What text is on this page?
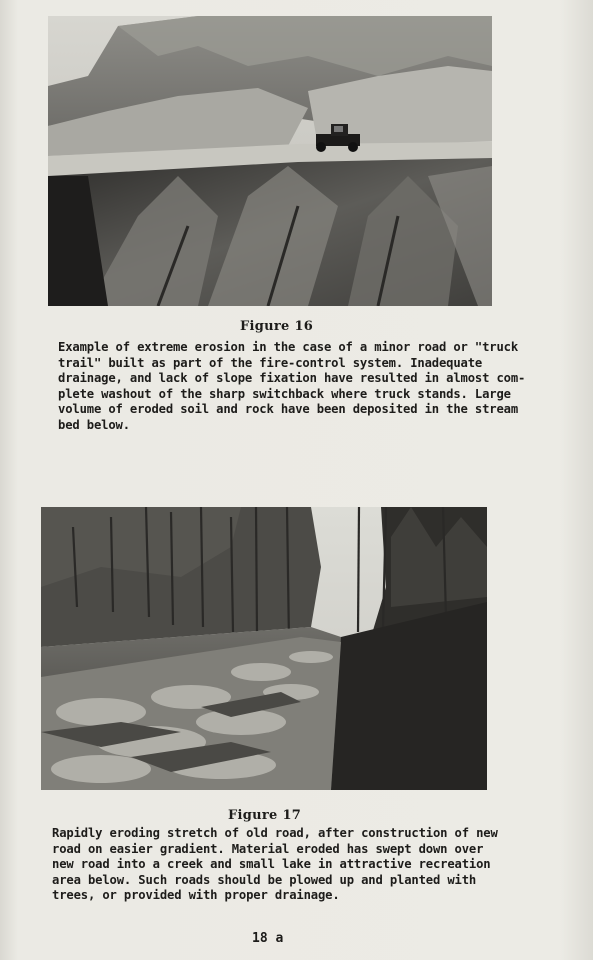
Figure 16
Example of extreme erosion in the case of a minor road or "truck
trail" built as part of the fire-control system. Inadequate
drainage, and lack of slope fixation have resulted in almost com-
plete washout of the sharp switchback where truck stands. Large
volume of eroded soil and rock have been deposited in the stream
bed below.
Figure 17
Rapidly eroding stretch of old road, after construction of new
road on easier gradient. Material eroded has swept down over
new road into a creek and small lake in attractive recreation
area below. Such roads should be plowed up and planted with
trees, or provided with proper drainage.
18 a
